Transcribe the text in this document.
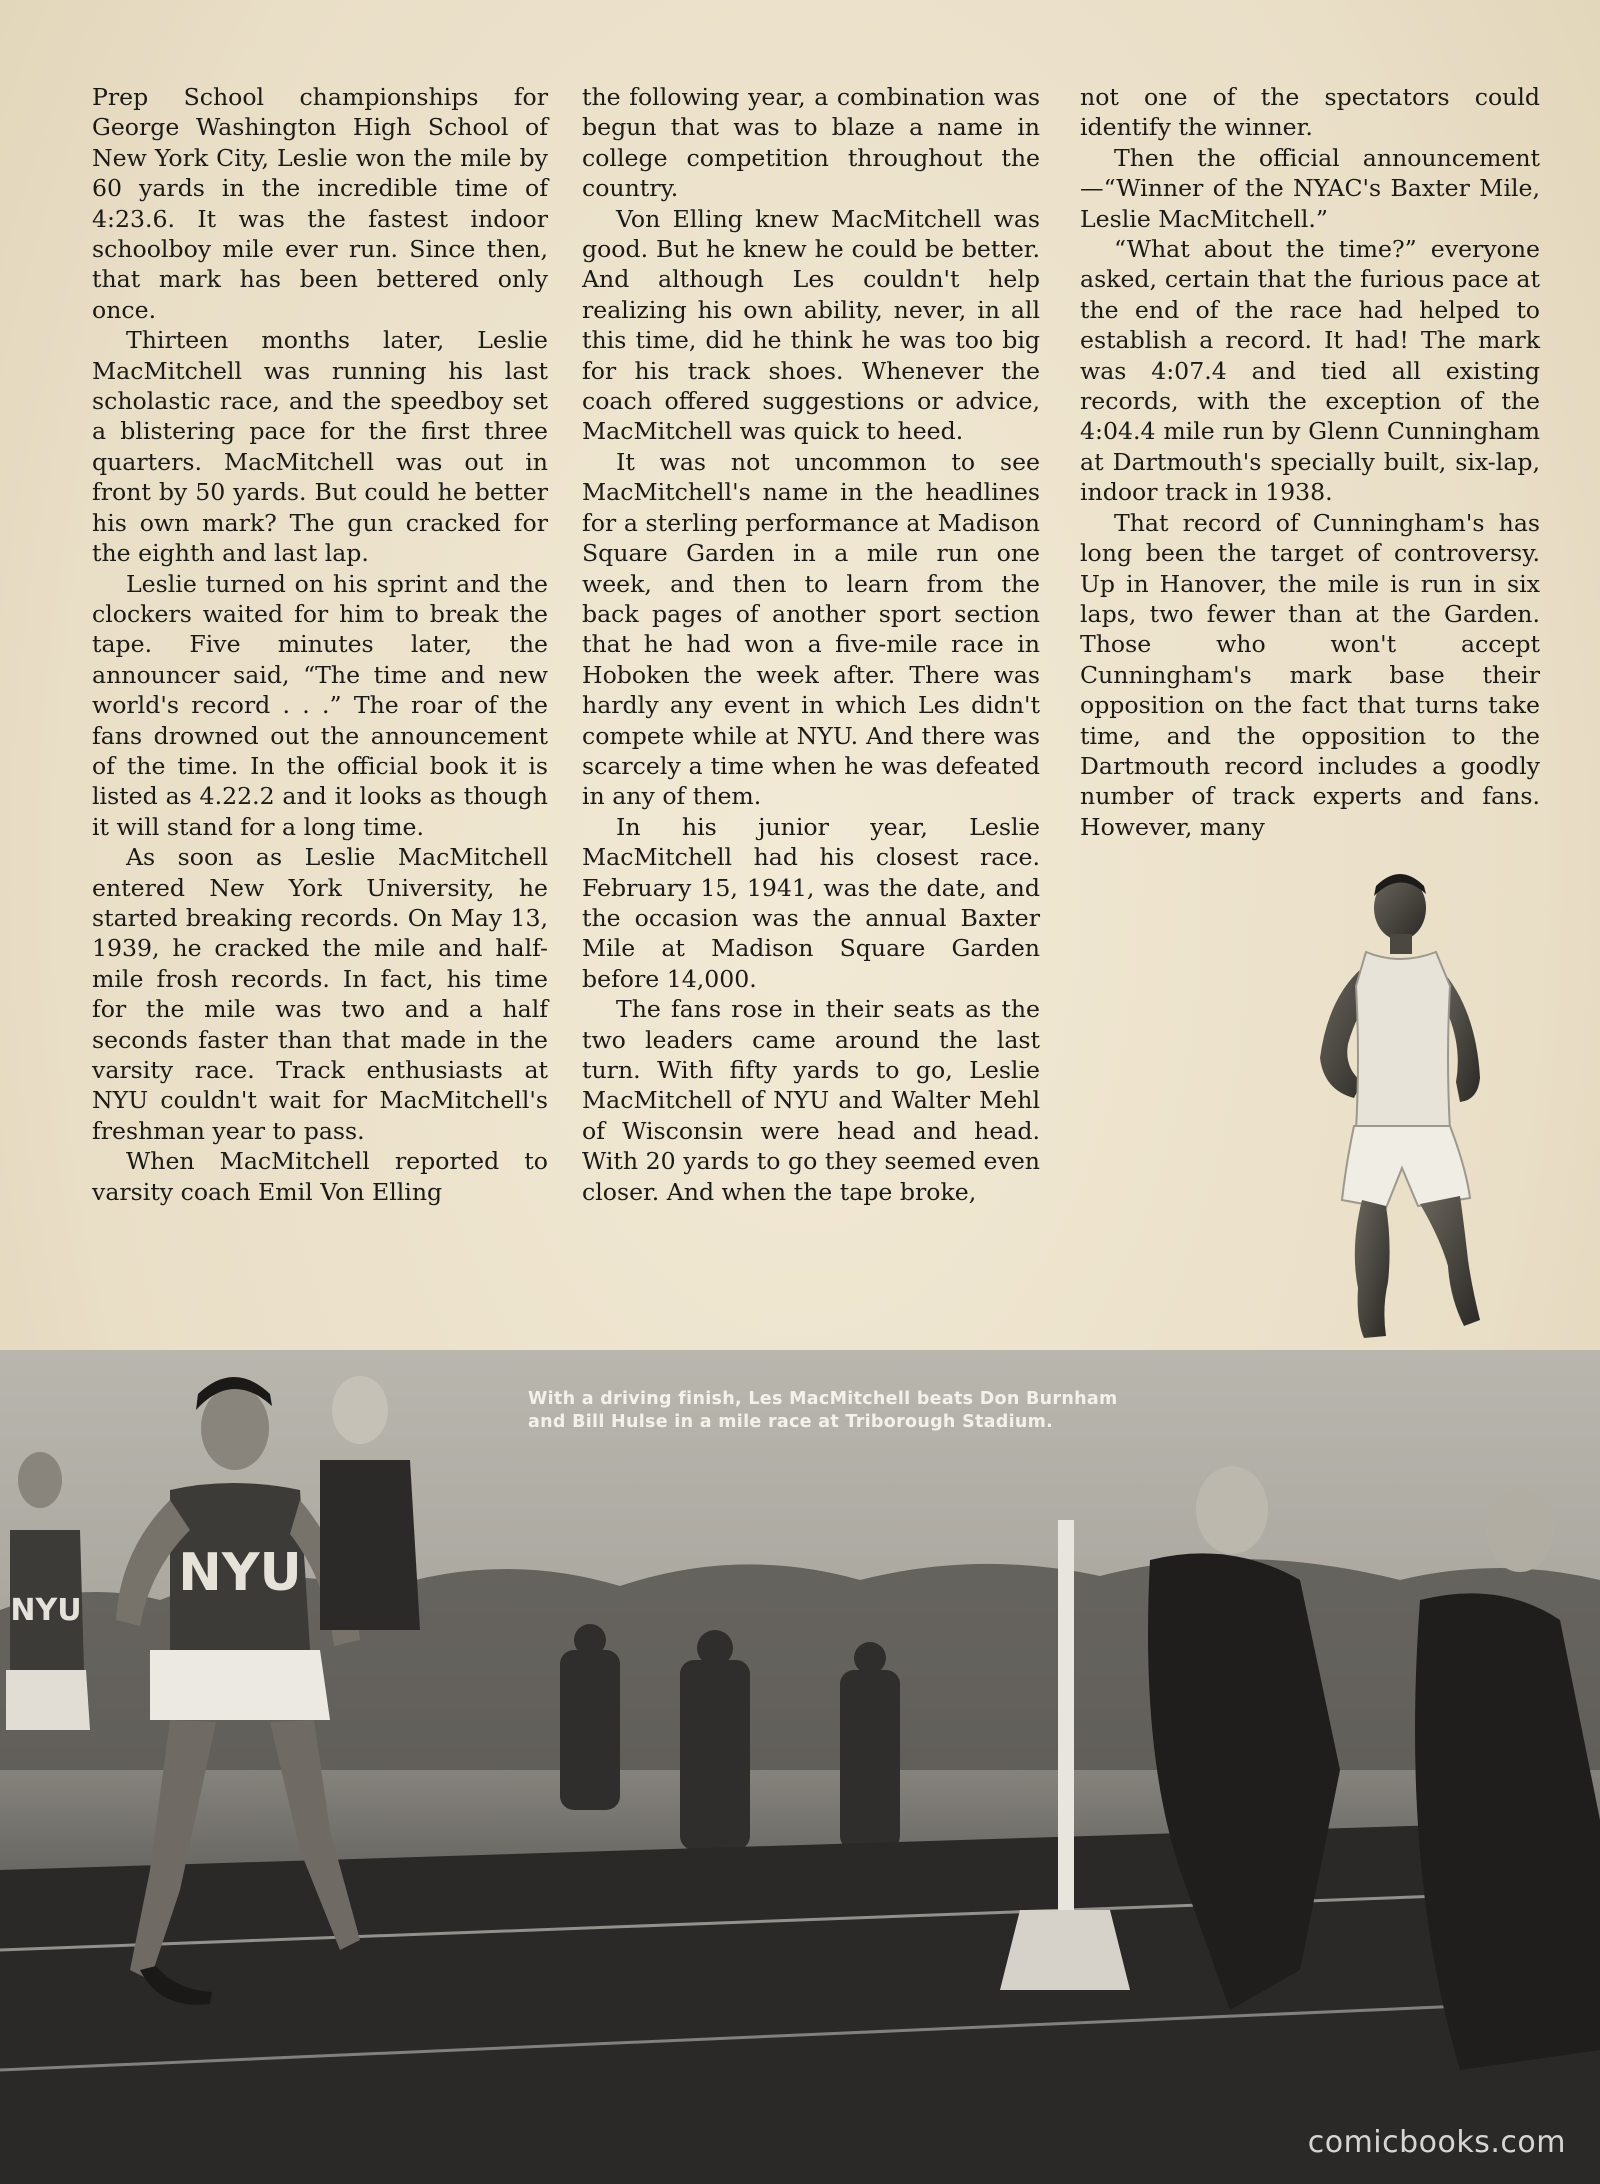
Prep School championships for George Washington High School of New York City, Leslie won the mile by 60 yards in the incredible time of 4:23.6. It was the fastest indoor schoolboy mile ever run. Since then, that mark has been bettered only once.

Thirteen months later, Leslie MacMitchell was running his last scholastic race, and the speedboy set a blistering pace for the first three quarters. MacMitchell was out in front by 50 yards. But could he better his own mark? The gun cracked for the eighth and last lap.

Leslie turned on his sprint and the clockers waited for him to break the tape. Five minutes later, the announcer said, “The time and new world's record . . .” The roar of the fans drowned out the announcement of the time. In the official book it is listed as 4.22.2 and it looks as though it will stand for a long time.

As soon as Leslie MacMitchell entered New York University, he started breaking records. On May 13, 1939, he cracked the mile and half-mile frosh records. In fact, his time for the mile was two and a half seconds faster than that made in the varsity race. Track enthusiasts at NYU couldn't wait for MacMitchell's freshman year to pass.

When MacMitchell reported to varsity coach Emil Von Elling

the following year, a combination was begun that was to blaze a name in college competition throughout the country.

Von Elling knew MacMitchell was good. But he knew he could be better. And although Les couldn't help realizing his own ability, never, in all this time, did he think he was too big for his track shoes. Whenever the coach offered suggestions or advice, MacMitchell was quick to heed.

It was not uncommon to see MacMitchell's name in the headlines for a sterling performance at Madison Square Garden in a mile run one week, and then to learn from the back pages of another sport section that he had won a five-mile race in Hoboken the week after. There was hardly any event in which Les didn't compete while at NYU. And there was scarcely a time when he was defeated in any of them.

In his junior year, Leslie MacMitchell had his closest race. February 15, 1941, was the date, and the occasion was the annual Baxter Mile at Madison Square Garden before 14,000.

The fans rose in their seats as the two leaders came around the last turn. With fifty yards to go, Leslie MacMitchell of NYU and Walter Mehl of Wisconsin were head and head. With 20 yards to go they seemed even closer. And when the tape broke,

not one of the spectators could identify the winner.

Then the official announcement—“Winner of the NYAC's Baxter Mile, Leslie MacMitchell.”

“What about the time?” everyone asked, certain that the furious pace at the end of the race had helped to establish a record. It had! The mark was 4:07.4 and tied all existing records, with the exception of the 4:04.4 mile run by Glenn Cunningham at Dartmouth's specially built, six-lap, indoor track in 1938.

That record of Cunningham's has long been the target of controversy. Up in Hanover, the mile is run in six laps, two fewer than at the Garden. Those who won't accept Cunningham's mark base their opposition on the fact that turns take time, and the opposition to the Dartmouth record includes a goodly number of track experts and fans. However, many

NYU
NYU
With a driving finish, Les MacMitchell beats Don Burnham
and Bill Hulse in a mile race at Triborough Stadium.
comicbooks.com
